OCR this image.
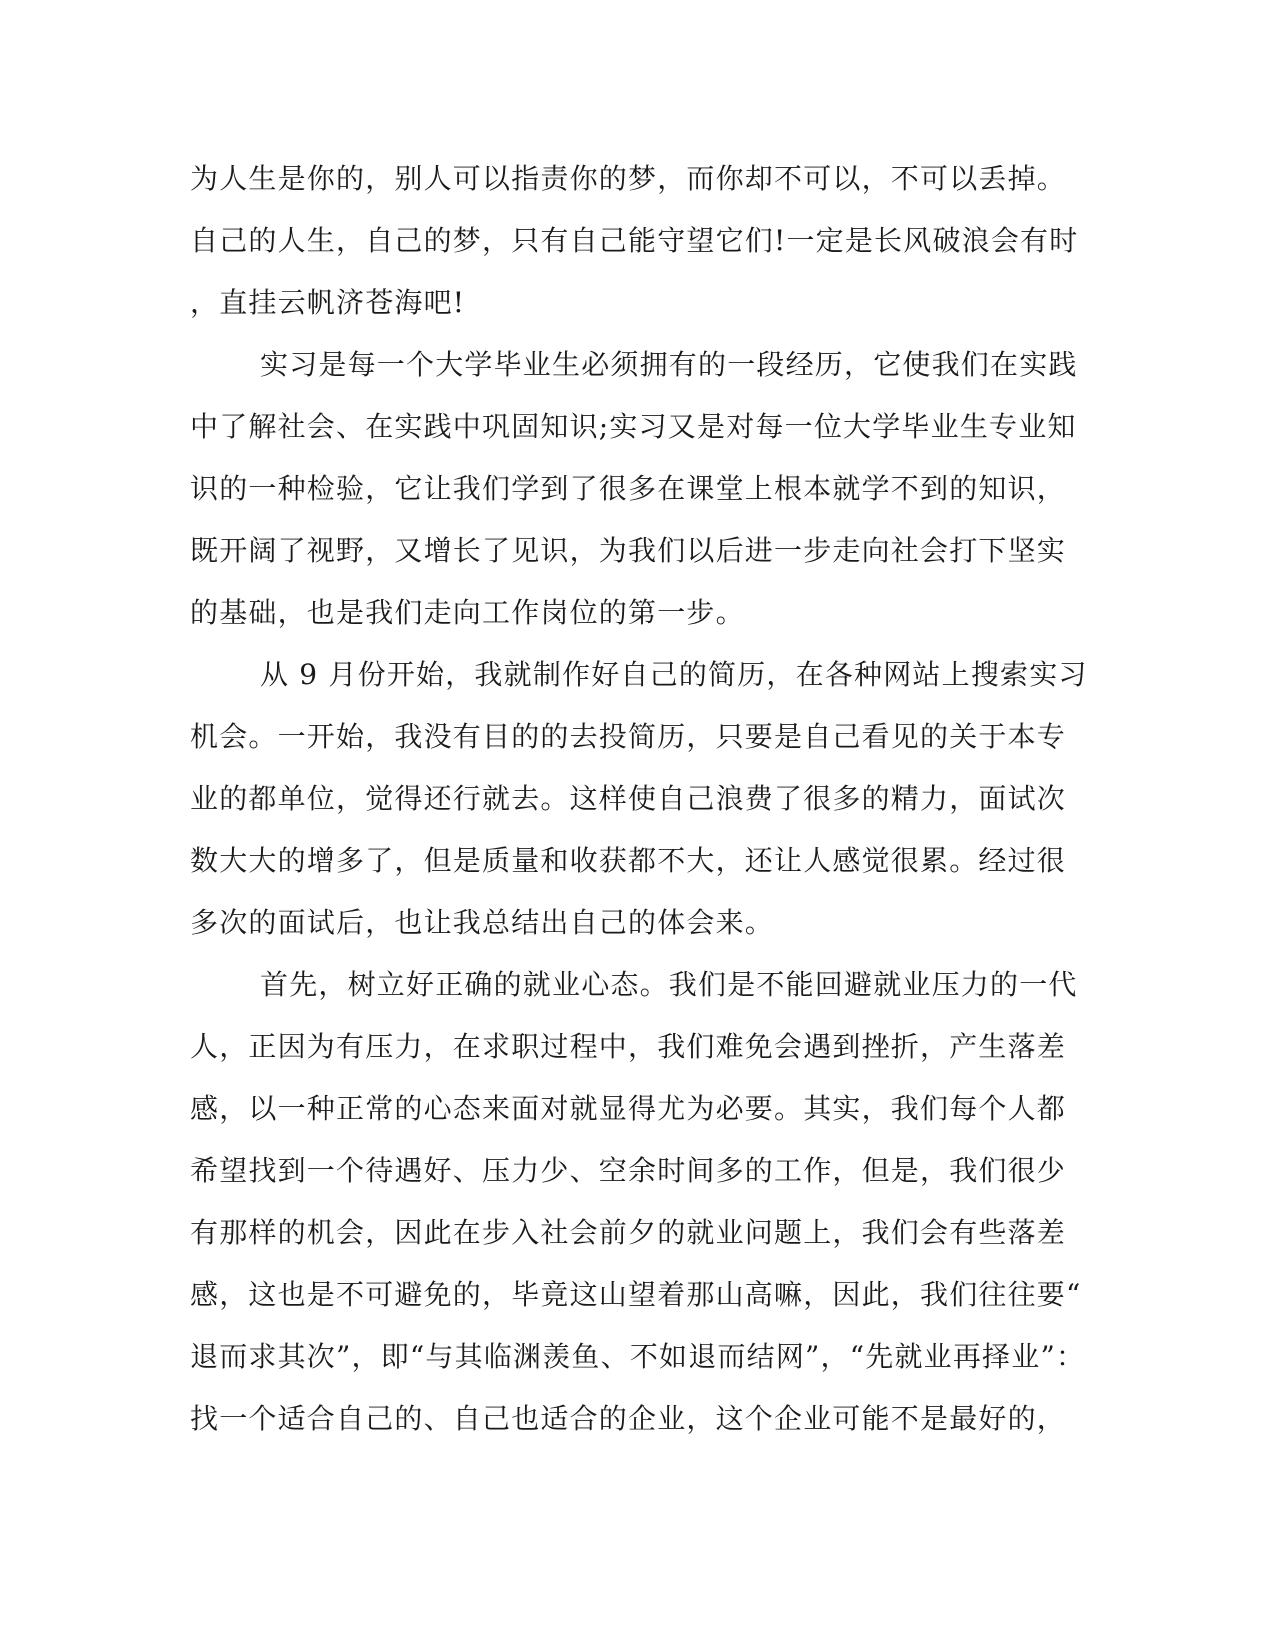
为人生是你的，别人可以指责你的梦，而你却不可以，不可以丢掉。
自己的人生，自己的梦，只有自己能守望它们!一定是长风破浪会有时
，直挂云帆济苍海吧!
实习是每一个大学毕业生必须拥有的一段经历，它使我们在实践
中了解社会、在实践中巩固知识;实习又是对每一位大学毕业生专业知
识的一种检验，它让我们学到了很多在课堂上根本就学不到的知识，
既开阔了视野，又增长了见识，为我们以后进一步走向社会打下坚实
的基础，也是我们走向工作岗位的第一步。
从 9 月份开始，我就制作好自己的简历，在各种网站上搜索实习
机会。一开始，我没有目的的去投简历，只要是自己看见的关于本专
业的都单位，觉得还行就去。这样使自己浪费了很多的精力，面试次
数大大的增多了，但是质量和收获都不大，还让人感觉很累。经过很
多次的面试后，也让我总结出自己的体会来。
首先，树立好正确的就业心态。我们是不能回避就业压力的一代
人，正因为有压力，在求职过程中，我们难免会遇到挫折，产生落差
感，以一种正常的心态来面对就显得尤为必要。其实，我们每个人都
希望找到一个待遇好、压力少、空余时间多的工作，但是，我们很少
有那样的机会，因此在步入社会前夕的就业问题上，我们会有些落差
感，这也是不可避免的，毕竟这山望着那山高嘛，因此，我们往往要“
退而求其次”，即“与其临渊羡鱼、不如退而结网”，“先就业再择业”：
找一个适合自己的、自己也适合的企业，这个企业可能不是最好的，
